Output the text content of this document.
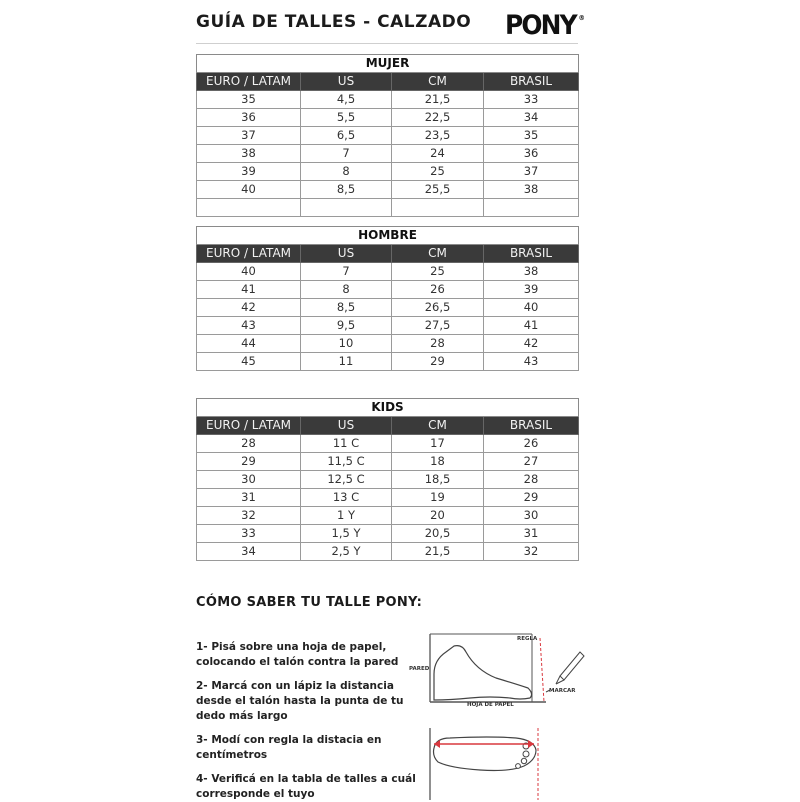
GUÍA DE TALLES - CALZADO PONY ®
MUJER			
EURO / LATAM	US	CM	BRASIL
35	4,5	21,5	33
36	5,5	22,5	34
37	6,5	23,5	35
38	7	24	36
39	8	25	37
40	8,5	25,5	38

HOMBRE			
EURO / LATAM	US	CM	BRASIL
40	7	25	38
41	8	26	39
42	8,5	26,5	40
43	9,5	27,5	41
44	10	28	42
45	11	29	43
KIDS			
EURO / LATAM	US	CM	BRASIL
28	11 C	17	26
29	11,5 C	18	27
30	12,5 C	18,5	28
31	13 C	19	29
32	1 Y	20	30
33	1,5 Y	20,5	31
34	2,5 Y	21,5	32
CÓMO SABER TU TALLE PONY:
1- Pisá sobre una hoja de papel, colocando el talón contra la pared
2- Marcá con un lápiz la distancia desde el talón hasta la punta de tu dedo más largo
3- Modí con regla la distacia en centímetros
4- Verificá en la tabla de talles a cuál corresponde el tuyo
REGLA
PARED
MARCAR
HOJA DE PAPEL
